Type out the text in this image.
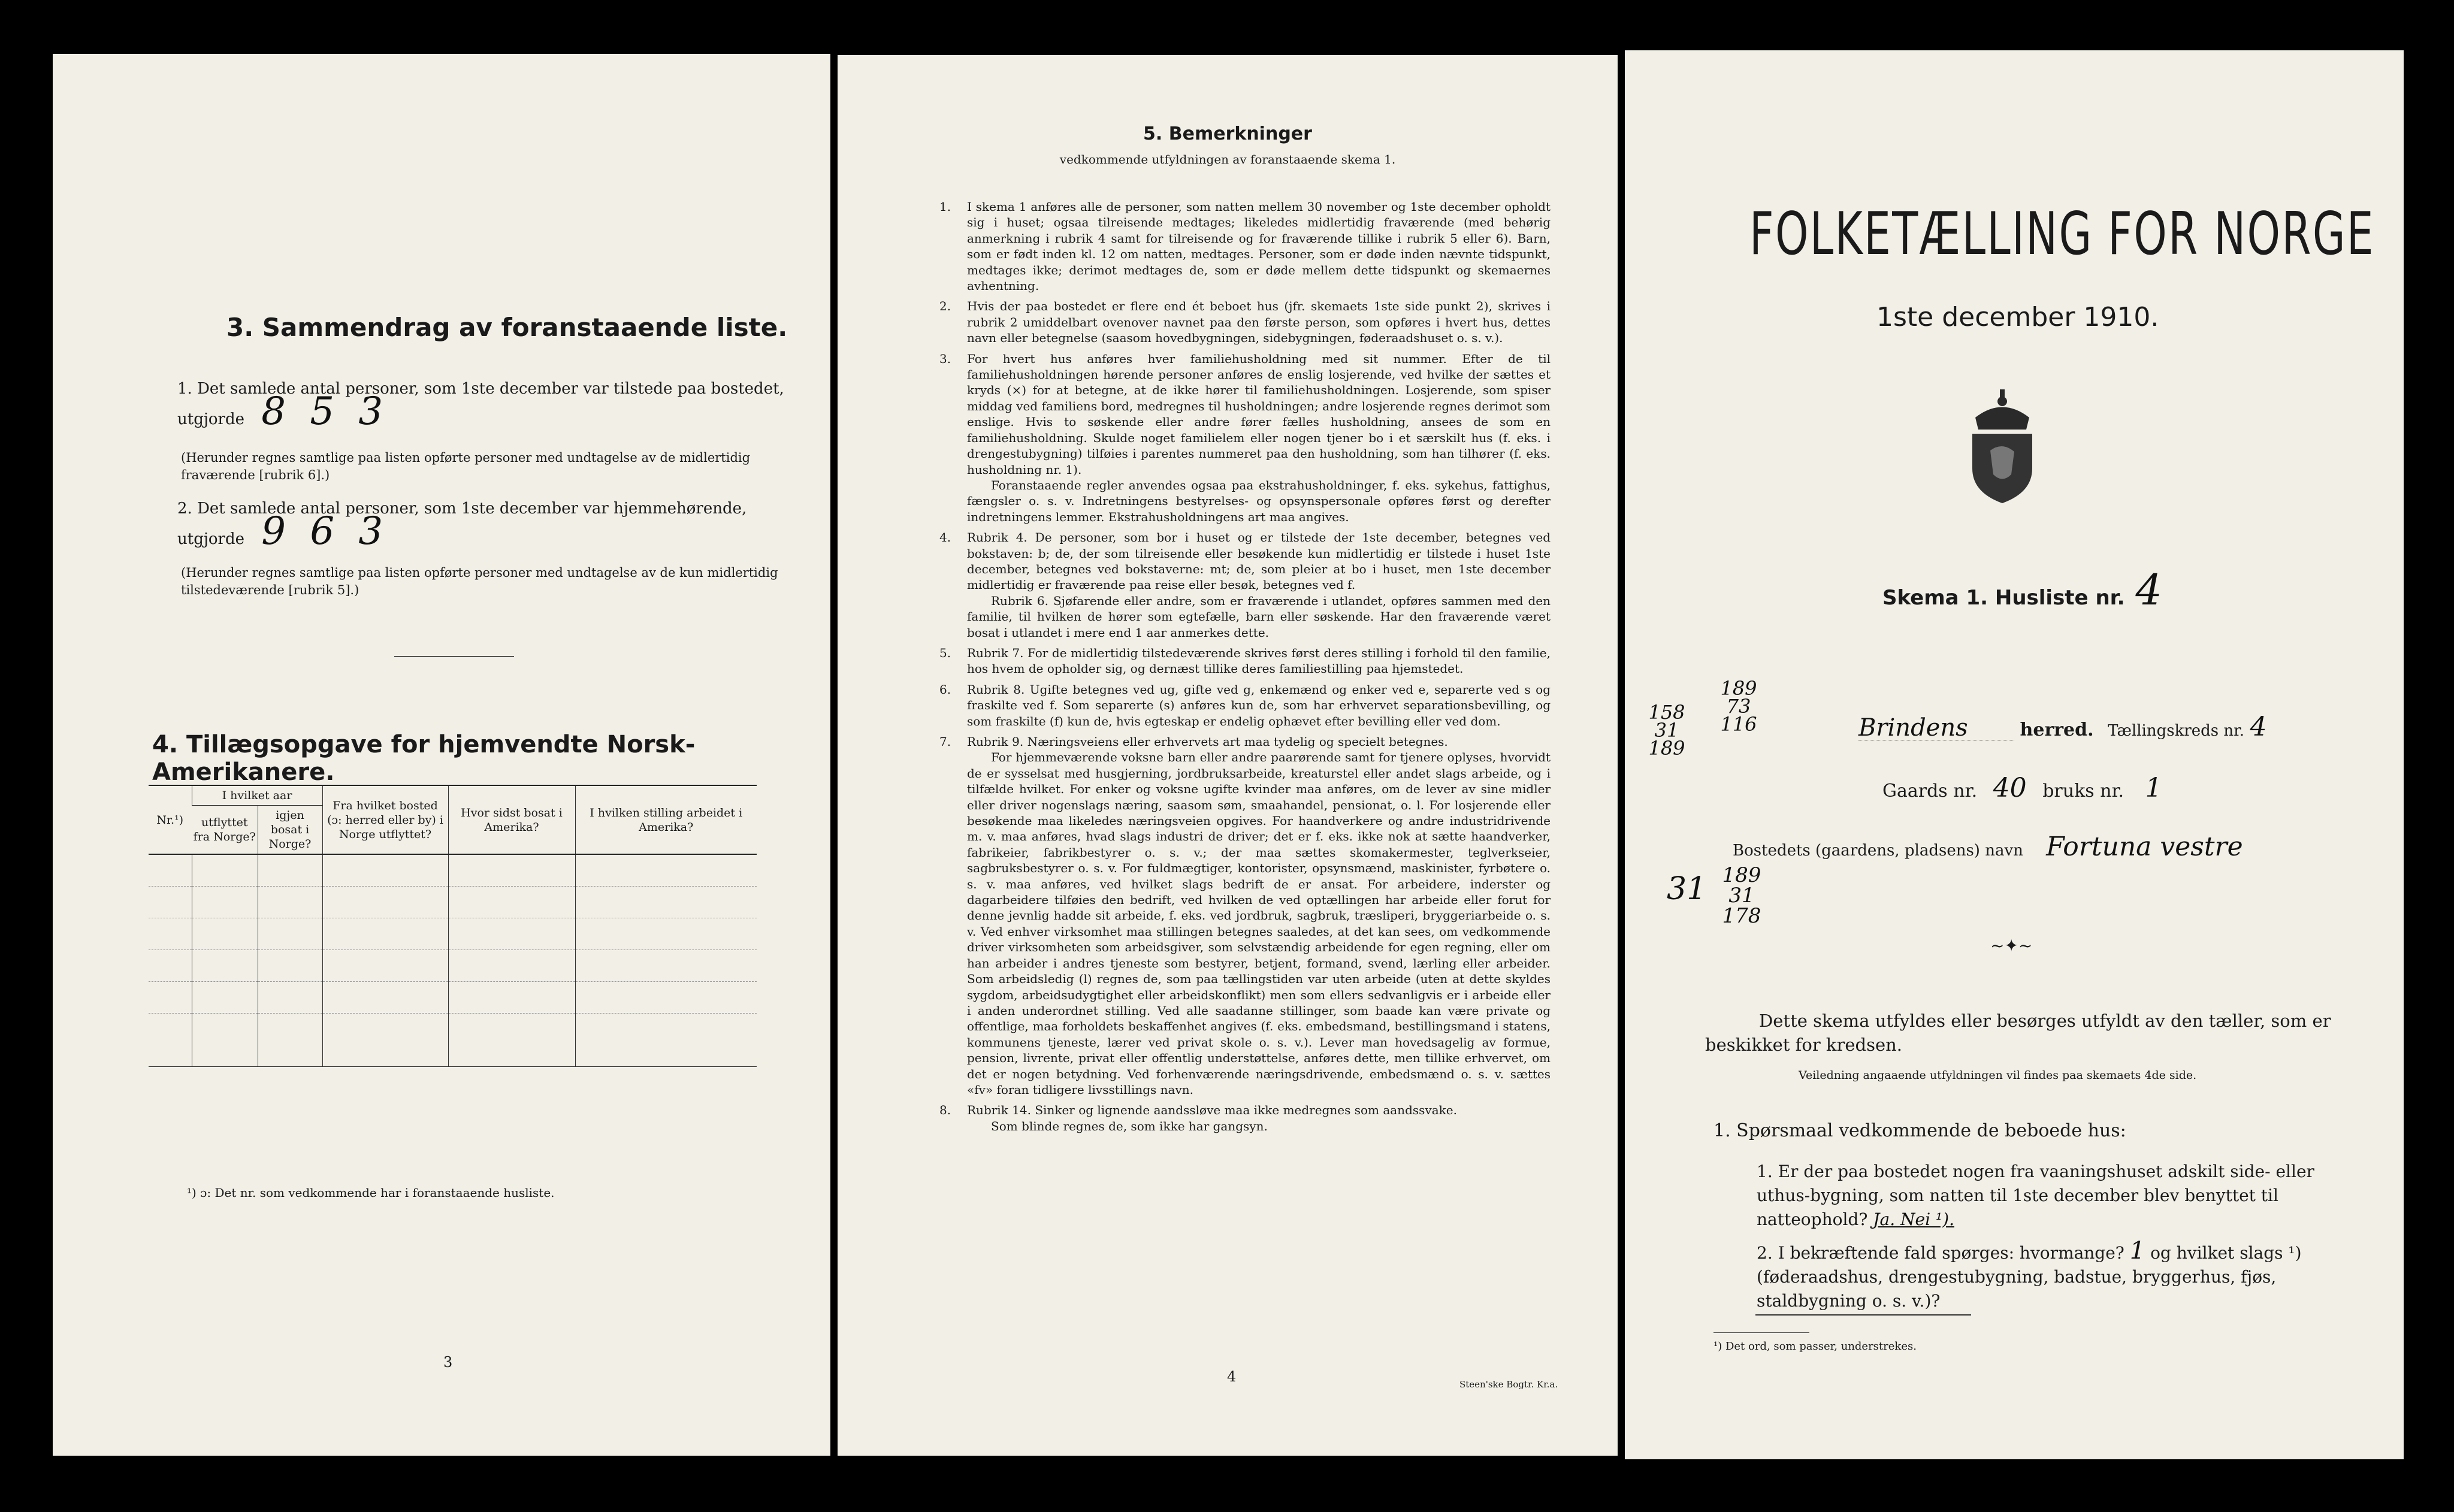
3. Sammendrag av foranstaaende liste.
1. Det samlede antal personer, som 1ste december var tilstede paa bostedet, utgjorde 8 5 3
(Herunder regnes samtlige paa listen opførte personer med undtagelse av de midlertidig fraværende [rubrik 6].)
2. Det samlede antal personer, som 1ste december var hjemmehørende, utgjorde 9 6 3
(Herunder regnes samtlige paa listen opførte personer med undtagelse av de kun midlertidig tilstedeværende [rubrik 5].)
4. Tillægsopgave for hjemvendte Norsk-Amerikanere.
Nr.¹)	I hvilket aar		Fra hvilket bosted (ɔ: herred eller by) i Norge utflyttet?	Hvor sidst bosat i Amerika?	I hvilken stilling arbeidet i Amerika?
	utflyttet fra Norge?	igjen bosat i Norge?			

¹) ɔ: Det nr. som vedkommende har i foranstaaende husliste.
3
5. Bemerkninger
vedkommende utfyldningen av foranstaaende skema 1.
1. I skema 1 anføres alle de personer, som natten mellem 30 november og 1ste december opholdt sig i huset; ogsaa tilreisende medtages; likeledes midlertidig fraværende (med behørig anmerkning i rubrik 4 samt for tilreisende og for fraværende tillike i rubrik 5 eller 6). Barn, som er født inden kl. 12 om natten, medtages. Personer, som er døde inden nævnte tidspunkt, medtages ikke; derimot medtages de, som er døde mellem dette tidspunkt og skemaernes avhentning.

2. Hvis der paa bostedet er flere end ét beboet hus (jfr. skemaets 1ste side punkt 2), skrives i rubrik 2 umiddelbart ovenover navnet paa den første person, som opføres i hvert hus, dettes navn eller betegnelse (saasom hovedbygningen, sidebygningen, føderaadshuset o. s. v.).

3. For hvert hus anføres hver familiehusholdning med sit nummer. Efter de til familiehusholdningen hørende personer anføres de enslig losjerende, ved hvilke der sættes et kryds (×) for at betegne, at de ikke hører til familiehusholdningen. Losjerende, som spiser middag ved familiens bord, medregnes til husholdningen; andre losjerende regnes derimot som enslige. Hvis to søskende eller andre fører fælles husholdning, ansees de som en familiehusholdning. Skulde noget familielem eller nogen tjener bo i et særskilt hus (f. eks. i drengestubygning) tilføies i parentes nummeret paa den husholdning, som han tilhører (f. eks. husholdning nr. 1).

Foranstaaende regler anvendes ogsaa paa ekstrahusholdninger, f. eks. sykehus, fattighus, fængsler o. s. v. Indretningens bestyrelses- og opsynspersonale opføres først og derefter indretningens lemmer. Ekstrahusholdningens art maa angives.

4. Rubrik 4. De personer, som bor i huset og er tilstede der 1ste december, betegnes ved bokstaven: b; de, der som tilreisende eller besøkende kun midlertidig er tilstede i huset 1ste december, betegnes ved bokstaverne: mt; de, som pleier at bo i huset, men 1ste december midlertidig er fraværende paa reise eller besøk, betegnes ved f.

Rubrik 6. Sjøfarende eller andre, som er fraværende i utlandet, opføres sammen med den familie, til hvilken de hører som egtefælle, barn eller søskende. Har den fraværende været bosat i utlandet i mere end 1 aar anmerkes dette.

5. Rubrik 7. For de midlertidig tilstedeværende skrives først deres stilling i forhold til den familie, hos hvem de opholder sig, og dernæst tillike deres familiestilling paa hjemstedet.

6. Rubrik 8. Ugifte betegnes ved ug, gifte ved g, enkemænd og enker ved e, separerte ved s og fraskilte ved f. Som separerte (s) anføres kun de, som har erhvervet separationsbevilling, og som fraskilte (f) kun de, hvis egteskap er endelig ophævet efter bevilling eller ved dom.

7. Rubrik 9. Næringsveiens eller erhvervets art maa tydelig og specielt betegnes.

For hjemmeværende voksne barn eller andre paarørende samt for tjenere oplyses, hvorvidt de er sysselsat med husgjerning, jordbruksarbeide, kreaturstel eller andet slags arbeide, og i tilfælde hvilket. For enker og voksne ugifte kvinder maa anføres, om de lever av sine midler eller driver nogenslags næring, saasom søm, smaahandel, pensionat, o. l. For losjerende eller besøkende maa likeledes næringsveien opgives. For haandverkere og andre industridrivende m. v. maa anføres, hvad slags industri de driver; det er f. eks. ikke nok at sætte haandverker, fabrikeier, fabrikbestyrer o. s. v.; der maa sættes skomakermester, teglverkseier, sagbruksbestyrer o. s. v. For fuldmægtiger, kontorister, opsynsmænd, maskinister, fyrbøtere o. s. v. maa anføres, ved hvilket slags bedrift de er ansat. For arbeidere, inderster og dagarbeidere tilføies den bedrift, ved hvilken de ved optællingen har arbeide eller forut for denne jevnlig hadde sit arbeide, f. eks. ved jordbruk, sagbruk, træsliperi, bryggeriarbeide o. s. v. Ved enhver virksomhet maa stillingen betegnes saaledes, at det kan sees, om vedkommende driver virksomheten som arbeidsgiver, som selvstændig arbeidende for egen regning, eller om han arbeider i andres tjeneste som bestyrer, betjent, formand, svend, lærling eller arbeider. Som arbeidsledig (l) regnes de, som paa tællingstiden var uten arbeide (uten at dette skyldes sygdom, arbeidsudygtighet eller arbeidskonflikt) men som ellers sedvanligvis er i arbeide eller i anden underordnet stilling. Ved alle saadanne stillinger, som baade kan være private og offentlige, maa forholdets beskaffenhet angives (f. eks. embedsmand, bestillingsmand i statens, kommunens tjeneste, lærer ved privat skole o. s. v.). Lever man hovedsagelig av formue, pension, livrente, privat eller offentlig understøttelse, anføres dette, men tillike erhvervet, om det er nogen betydning. Ved forhenværende næringsdrivende, embedsmænd o. s. v. sættes «fv» foran tidligere livsstillings navn.

8. Rubrik 14. Sinker og lignende aandssløve maa ikke medregnes som aandssvake.

Som blinde regnes de, som ikke har gangsyn.

4	Steen'ske Bogtr. Kr.a.
FOLKETÆLLING FOR NORGE
1ste december 1910.
Skema 1. Husliste nr. 4
158 31 189
189 73 116
31 189 31 178
Brindens	herred. Tællingskreds nr. 4
Gaards nr. 40 bruks nr. 1
Bostedets (gaardens, pladsens) navn Fortuna vestre
~✦~
Dette skema utfyldes eller besørges utfyldt av den tæller, som er beskikket for kredsen.
Veiledning angaaende utfyldningen vil findes paa skemaets 4de side.
1. Spørsmaal vedkommende de beboede hus:
1. Er der paa bostedet nogen fra vaaningshuset adskilt side- eller uthus-bygning, som natten til 1ste december blev benyttet til natteophold? Ja. Nei ¹).
2. I bekræftende fald spørges: hvormange? 1 og hvilket slags ¹) (føderaadshus, drengestubygning, badstue, bryggerhus, fjøs, staldbygning o. s. v.)?
¹) Det ord, som passer, understrekes.
